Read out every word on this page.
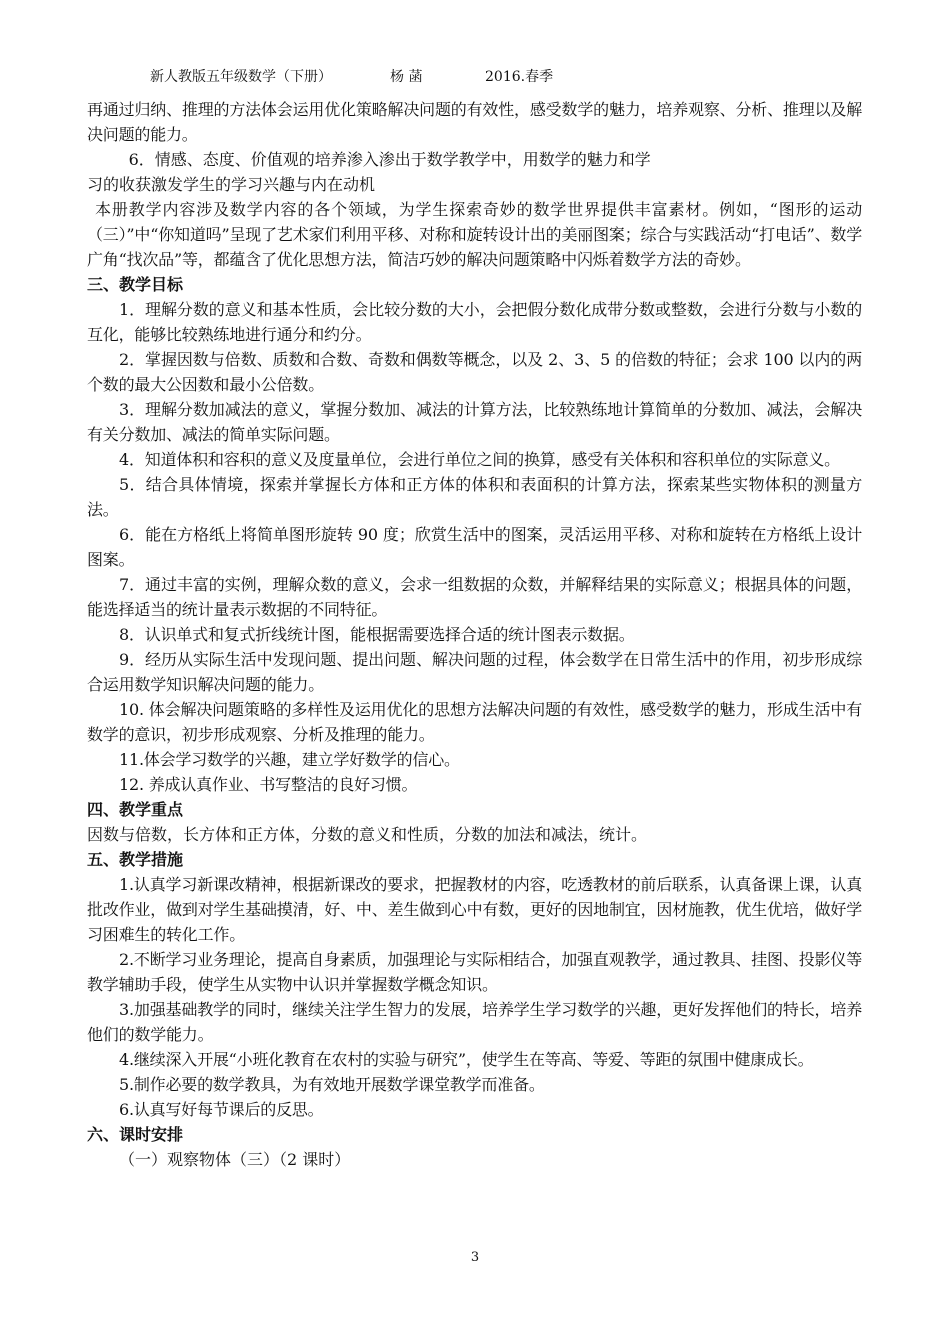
新人教版五年级数学（下册）	杨 菡	2016.春季

再通过归纳、推理的方法体会运用优化策略解决问题的有效性，感受数学的魅力，培养观察、分析、推理以及解决问题的能力。

6．情感、态度、价值观的培养渗入渗出于数学教学中，用数学的魅力和学

习的收获激发学生的学习兴趣与内在动机

本册教学内容涉及数学内容的各个领域，为学生探索奇妙的数学世界提供丰富素材。例如，“图形的运动（三）”中“你知道吗”呈现了艺术家们利用平移、对称和旋转设计出的美丽图案；综合与实践活动“打电话”、数学广角“找次品”等，都蕴含了优化思想方法，简洁巧妙的解决问题策略中闪烁着数学方法的奇妙。

三、教学目标

1．理解分数的意义和基本性质，会比较分数的大小，会把假分数化成带分数或整数，会进行分数与小数的互化，能够比较熟练地进行通分和约分。

2．掌握因数与倍数、质数和合数、奇数和偶数等概念，以及 2、3、5 的倍数的特征；会求 100 以内的两个数的最大公因数和最小公倍数。

3．理解分数加减法的意义，掌握分数加、减法的计算方法，比较熟练地计算简单的分数加、减法，会解决有关分数加、减法的简单实际问题。

4．知道体积和容积的意义及度量单位，会进行单位之间的换算，感受有关体积和容积单位的实际意义。

5．结合具体情境，探索并掌握长方体和正方体的体积和表面积的计算方法，探索某些实物体积的测量方法。

6．能在方格纸上将简单图形旋转 90 度；欣赏生活中的图案，灵活运用平移、对称和旋转在方格纸上设计图案。

7．通过丰富的实例，理解众数的意义，会求一组数据的众数，并解释结果的实际意义；根据具体的问题，能选择适当的统计量表示数据的不同特征。

8．认识单式和复式折线统计图，能根据需要选择合适的统计图表示数据。

9．经历从实际生活中发现问题、提出问题、解决问题的过程，体会数学在日常生活中的作用，初步形成综合运用数学知识解决问题的能力。

10. 体会解决问题策略的多样性及运用优化的思想方法解决问题的有效性，感受数学的魅力，形成生活中有数学的意识，初步形成观察、分析及推理的能力。

11.体会学习数学的兴趣，建立学好数学的信心。

12. 养成认真作业、书写整洁的良好习惯。

四、教学重点

因数与倍数，长方体和正方体，分数的意义和性质，分数的加法和减法，统计。

五、教学措施

1.认真学习新课改精神，根据新课改的要求，把握教材的内容，吃透教材的前后联系，认真备课上课，认真批改作业，做到对学生基础摸清，好、中、差生做到心中有数，更好的因地制宜，因材施教，优生优培，做好学习困难生的转化工作。

2.不断学习业务理论，提高自身素质，加强理论与实际相结合，加强直观教学，通过教具、挂图、投影仪等教学辅助手段，使学生从实物中认识并掌握数学概念知识。

3.加强基础教学的同时，继续关注学生智力的发展，培养学生学习数学的兴趣，更好发挥他们的特长，培养他们的数学能力。

4.继续深入开展“小班化教育在农村的实验与研究”，使学生在等高、等爱、等距的氛围中健康成长。

5.制作必要的数学教具，为有效地开展数学课堂教学而准备。

6.认真写好每节课后的反思。

六、课时安排

（一）观察物体（三）（2 课时）

3
